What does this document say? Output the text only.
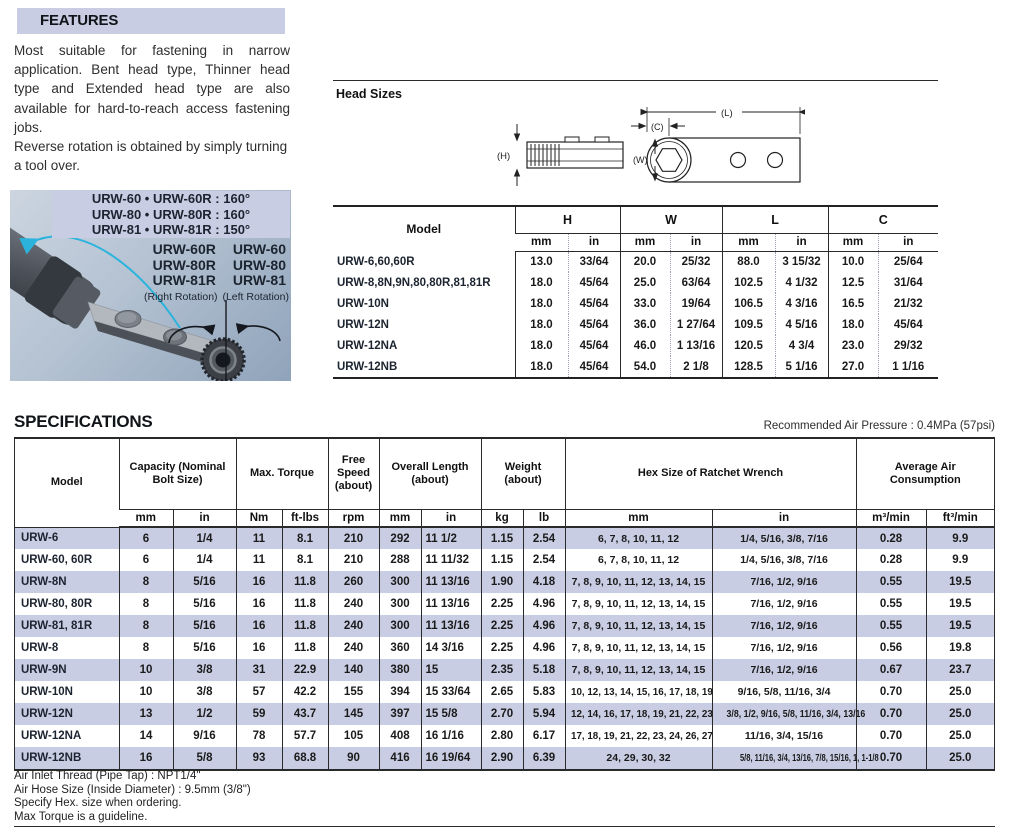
FEATURES
Most suitable for fastening in narrow application. Bent head type, Thinner head type and Extended head type are also available for hard-to-reach access fastening jobs.
Reverse rotation is obtained by simply turning a tool over.
URW-60 • URW-60R : 160°
URW-80 • URW-80R : 160°
URW-81 • URW-81R : 150°
URW-60R
URW-80R
URW-81R
URW-60
URW-80
URW-81
(Right Rotation) (Left Rotation)
Head Sizes
(H)
(L)
(C)
(W)
Model	H		W		L		C	
	mm	in	mm	in	mm	in	mm	in
URW-6,60,60R	13.0	33/64	20.0	25/32	88.0	3 15/32	10.0	25/64
URW-8,8N,9N,80,80R,81,81R	18.0	45/64	25.0	63/64	102.5	4 1/32	12.5	31/64
URW-10N	18.0	45/64	33.0	19/64	106.5	4 3/16	16.5	21/32
URW-12N	18.0	45/64	36.0	1 27/64	109.5	4 5/16	18.0	45/64
URW-12NA	18.0	45/64	46.0	1 13/16	120.5	4 3/4	23.0	29/32
URW-12NB	18.0	45/64	54.0	2 1/8	128.5	5 1/16	27.0	1 1/16
SPECIFICATIONS	Recommended Air Pressure : 0.4MPa (57psi)
Model	Capacity (Nominal Bolt Size)		Max. Torque		Free Speed (about)	Overall Length (about)		Weight (about)		Hex Size of Ratchet Wrench		Average Air Consumption	

	mm	in	Nm	ft-lbs	rpm	mm	in	kg	lb	mm	in	m³/min	ft³/min
URW-6	6	1/4	11	8.1	210	292	11 1/2	1.15	2.54	6, 7, 8, 10, 11, 12	1/4, 5/16, 3/8, 7/16	0.28	9.9
URW-60, 60R	6	1/4	11	8.1	210	288	11 11/32	1.15	2.54	6, 7, 8, 10, 11, 12	1/4, 5/16, 3/8, 7/16	0.28	9.9
URW-8N	8	5/16	16	11.8	260	300	11 13/16	1.90	4.18	7, 8, 9, 10, 11, 12, 13, 14, 15	7/16, 1/2, 9/16	0.55	19.5
URW-80, 80R	8	5/16	16	11.8	240	300	11 13/16	2.25	4.96	7, 8, 9, 10, 11, 12, 13, 14, 15	7/16, 1/2, 9/16	0.55	19.5
URW-81, 81R	8	5/16	16	11.8	240	300	11 13/16	2.25	4.96	7, 8, 9, 10, 11, 12, 13, 14, 15	7/16, 1/2, 9/16	0.55	19.5
URW-8	8	5/16	16	11.8	240	360	14 3/16	2.25	4.96	7, 8, 9, 10, 11, 12, 13, 14, 15	7/16, 1/2, 9/16	0.56	19.8
URW-9N	10	3/8	31	22.9	140	380	15	2.35	5.18	7, 8, 9, 10, 11, 12, 13, 14, 15	7/16, 1/2, 9/16	0.67	23.7
URW-10N	10	3/8	57	42.2	155	394	15 33/64	2.65	5.83	10, 12, 13, 14, 15, 16, 17, 18, 19	9/16, 5/8, 11/16, 3/4	0.70	25.0
URW-12N	13	1/2	59	43.7	145	397	15 5/8	2.70	5.94	12, 14, 16, 17, 18, 19, 21, 22, 23	3/8, 1/2, 9/16, 5/8, 11/16, 3/4, 13/16	0.70	25.0
URW-12NA	14	9/16	78	57.7	105	408	16 1/16	2.80	6.17	17, 18, 19, 21, 22, 23, 24, 26, 27	11/16, 3/4, 15/16	0.70	25.0
URW-12NB	16	5/8	93	68.8	90	416	16 19/64	2.90	6.39	24, 29, 30, 32	5/8, 11/16, 3/4, 13/16, 7/8, 15/16, 1, 1-1/8	0.70	25.0
Air Inlet Thread (Pipe Tap) : NPT1/4"
Air Hose Size (Inside Diameter) : 9.5mm (3/8")
Specify Hex. size when ordering.
Max Torque is a guideline.
